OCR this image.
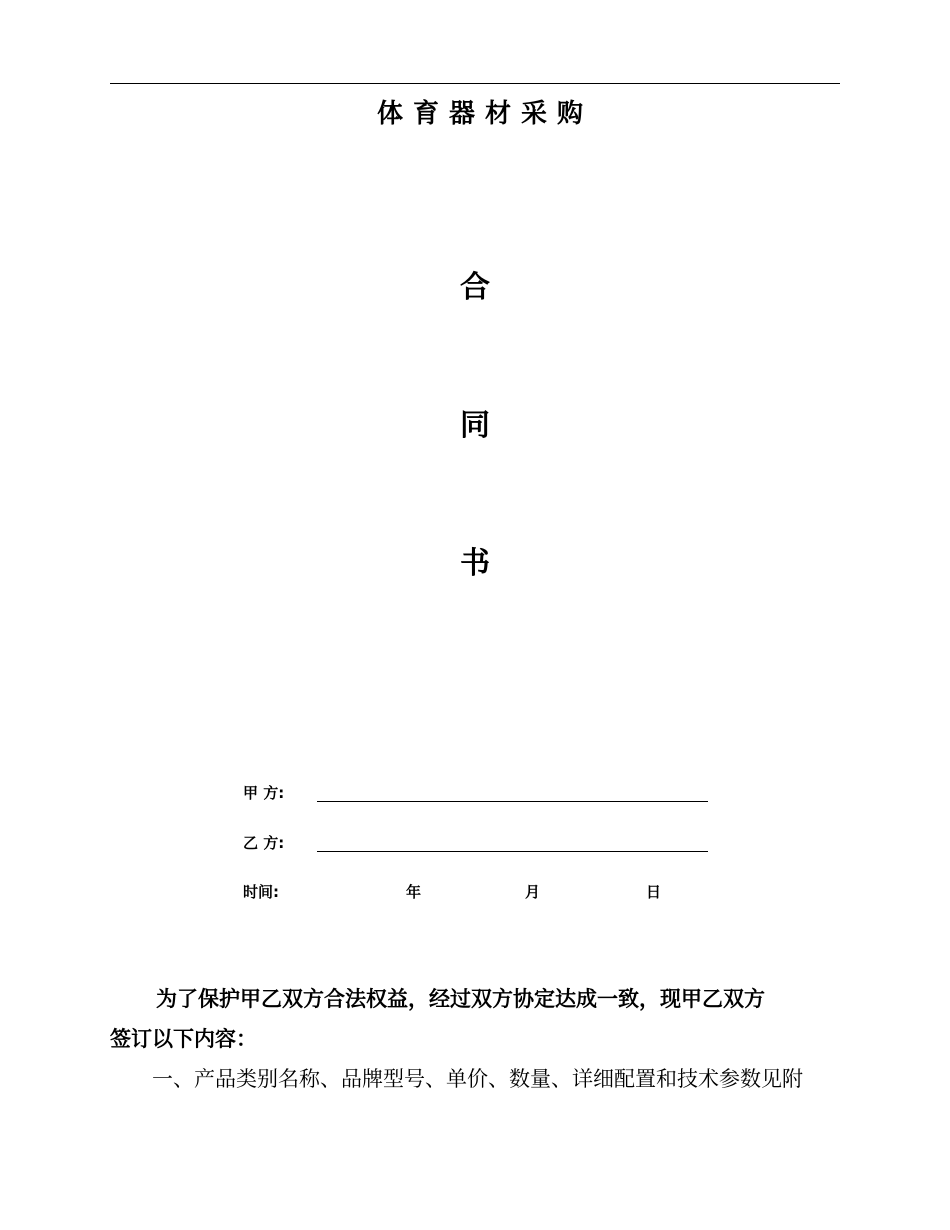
体育器材采购
合
同
书
甲 方:
乙 方:
时间:	年	月	日
为了保护甲乙双方合法权益，经过双方协定达成一致，现甲乙双方
签订以下内容：
一、产品类别名称、品牌型号、单价、数量、详细配置和技术参数见附
